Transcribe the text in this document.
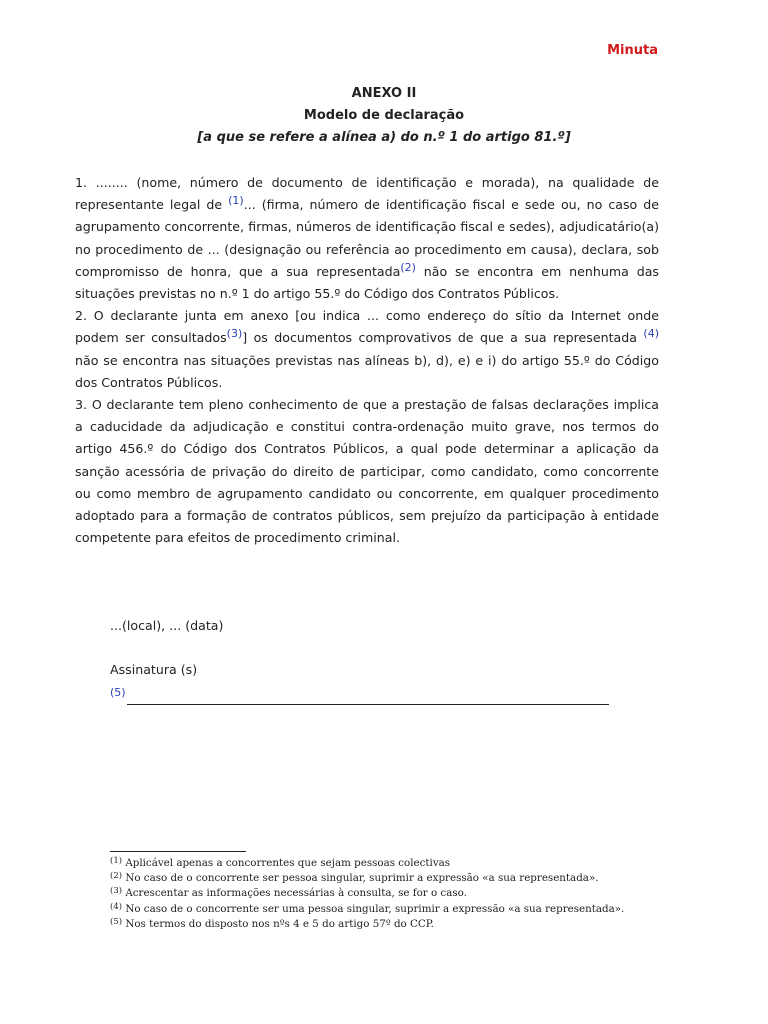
Minuta
ANEXO II
Modelo de declaração
[a que se refere a alínea a) do n.º 1 do artigo 81.º]

1. ........ (nome, número de documento de identificação e morada), na qualidade de representante legal de (1)... (firma, número de identificação fiscal e sede ou, no caso de agrupamento concorrente, firmas, números de identificação fiscal e sedes), adjudicatário(a) no procedimento de ... (designação ou referência ao procedimento em causa), declara, sob compromisso de honra, que a sua representada(2) não se encontra em nenhuma das situações previstas no n.º 1 do artigo 55.º do Código dos Contratos Públicos.

2. O declarante junta em anexo [ou indica ... como endereço do sítio da Internet onde podem ser consultados(3)] os documentos comprovativos de que a sua representada (4) não se encontra nas situações previstas nas alíneas b), d), e) e i) do artigo 55.º do Código dos Contratos Públicos.

3. O declarante tem pleno conhecimento de que a prestação de falsas declarações implica a caducidade da adjudicação e constitui contra-ordenação muito grave, nos termos do artigo 456.º do Código dos Contratos Públicos, a qual pode determinar a aplicação da sanção acessória de privação do direito de participar, como candidato, como concorrente ou como membro de agrupamento candidato ou concorrente, em qualquer procedimento adoptado para a formação de contratos públicos, sem prejuízo da participação à entidade competente para efeitos de procedimento criminal.

...(local), ... (data)
Assinatura (s)
(5)
$^{(1)}$ Aplicável apenas a concorrentes que sejam pessoas colectivas
$^{(2)}$ No caso de o concorrente ser pessoa singular, suprimir a expressão «a sua representada».
$^{(3)}$ Acrescentar as informações necessárias à consulta, se for o caso.
$^{(4)}$ No caso de o concorrente ser uma pessoa singular, suprimir a expressão «a sua representada».
$^{(5)}$ Nos termos do disposto nos nºs 4 e 5 do artigo 57º do CCP.
